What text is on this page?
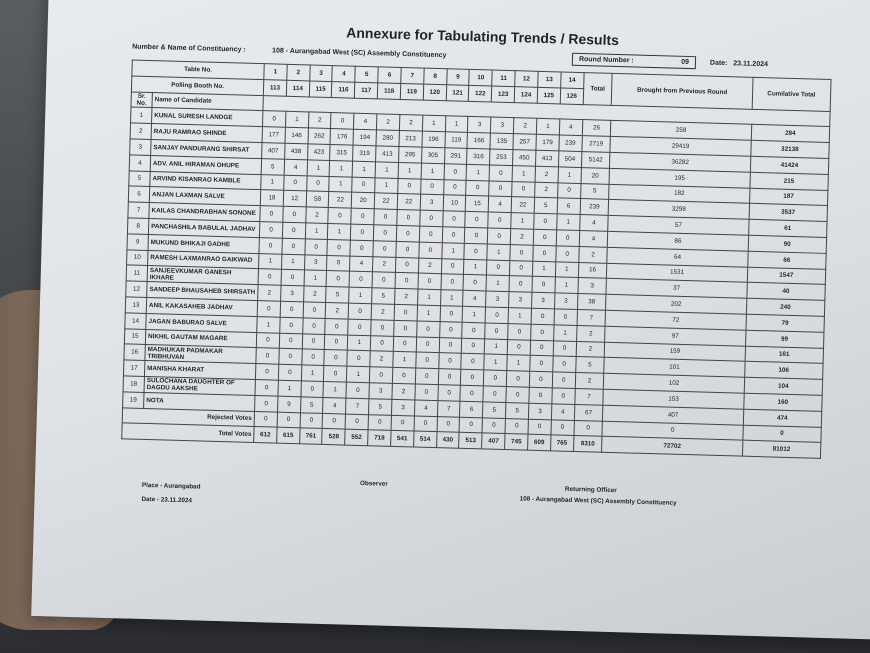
Annexure for Tabulating Trends / Results
Number & Name of Constituency :	108 - Aurangabad West (SC) Assembly Constituency
Round Number :	09	Date: 23.11.2024
Table No.		1	2	3	4	5	6	7	8	9	10	11	12	13	14	Total	Brought from Previous Round	Cumilative Total
Polling Booth No.		113	114	115	116	117	118	119	120	121	122	123	124	125	126			
Sr. No.	Name of Candidate																	
1	KUNAL SURESH LANDGE	0	1	2	0	4	2	2	1	1	3	3	2	1	4	26	258	284
2	RAJU RAMRAO SHINDE	177	146	262	176	194	280	213	196	119	166	135	257	179	239	2719	29419	32138
3	SANJAY PANDURANG SHIRSAT	407	438	423	315	319	413	295	305	291	316	253	450	413	504	5142	36282	41424
4	ADV. ANIL HIRAMAN OHUPE	5	4	1	1	1	1	1	1	0	1	0	1	2	1	20	195	215
5	ARVIND KISANRAO KAMBLE	1	0	0	1	0	1	0	0	0	0	0	0	2	0	5	182	187
6	ANJAN LAXMAN SALVE	18	12	58	22	20	22	22	3	10	15	4	22	5	6	239	3298	3537
7	KAILAS CHANDRABHAN SONONE	0	0	2	0	0	0	0	0	0	0	0	1	0	1	4	57	61
8	PANCHASHILA BABULAL JADHAV	0	0	1	1	0	0	0	0	0	0	0	2	0	0	4	86	90
9	MUKUND BHIKAJI GADHE	0	0	0	0	0	0	0	0	1	0	1	0	0	0	2	64	66
10	RAMESH LAXMANRAO GAIKWAD	1	1	3	0	4	2	0	2	0	1	0	0	1	1	16	1531	1547
11	SANJEEVKUMAR GANESH IKHARE	0	0	1	0	0	0	0	0	0	0	1	0	0	1	3	37	40
12	SANDEEP BHAUSAHEB SHIRSATH	2	3	2	5	1	5	2	1	1	4	3	3	3	3	38	202	240
13	ANIL KAKASAHEB JADHAV	0	0	0	2	0	2	0	1	0	1	0	1	0	0	7	72	79
14	JAGAN BABURAO SALVE	1	0	0	0	0	0	0	0	0	0	0	0	0	1	2	97	99
15	NIKHIL GAUTAM MAGARE	0	0	0	0	1	0	0	0	0	0	1	0	0	0	2	159	161
16	MADHUKAR PADMAKAR TRIBHUVAN	0	0	0	0	0	2	1	0	0	0	1	1	0	0	5	101	106
17	MANISHA KHARAT	0	0	1	0	1	0	0	0	0	0	0	0	0	0	2	102	104
18	SULOCHANA DAUGHTER OF DAGDU AAKSHE	0	1	0	1	0	3	2	0	0	0	0	0	0	0	7	153	160
19	NOTA	0	9	5	4	7	5	3	4	7	6	5	5	3	4	67	407	474
Rejected Votes		0	0	0	0	0	0	0	0	0	0	0	0	0	0	0	0	0
Total Votes		612	615	761	528	552	718	541	514	430	513	407	745	609	765	8310	72702	81012
Place - Aurangabad
Date - 23.11.2024
Observer
Returning Officer
108 - Aurangabad West (SC) Assembly Constituency
